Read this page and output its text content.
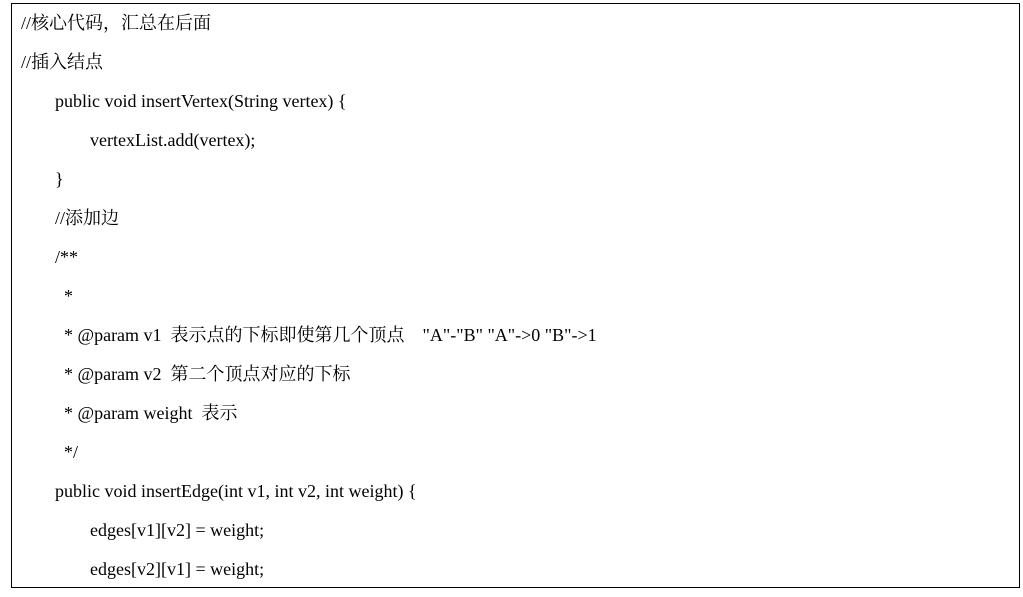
//核心代码，汇总在后面
//插入结点
public void insertVertex(String vertex) {
vertexList.add(vertex);
}
//添加边
/**
*
* @param v1  表示点的下标即使第几个顶点    "A"-"B" "A"->0 "B"->1
* @param v2  第二个顶点对应的下标
* @param weight  表示
*/
public void insertEdge(int v1, int v2, int weight) {
edges[v1][v2] = weight;
edges[v2][v1] = weight;
